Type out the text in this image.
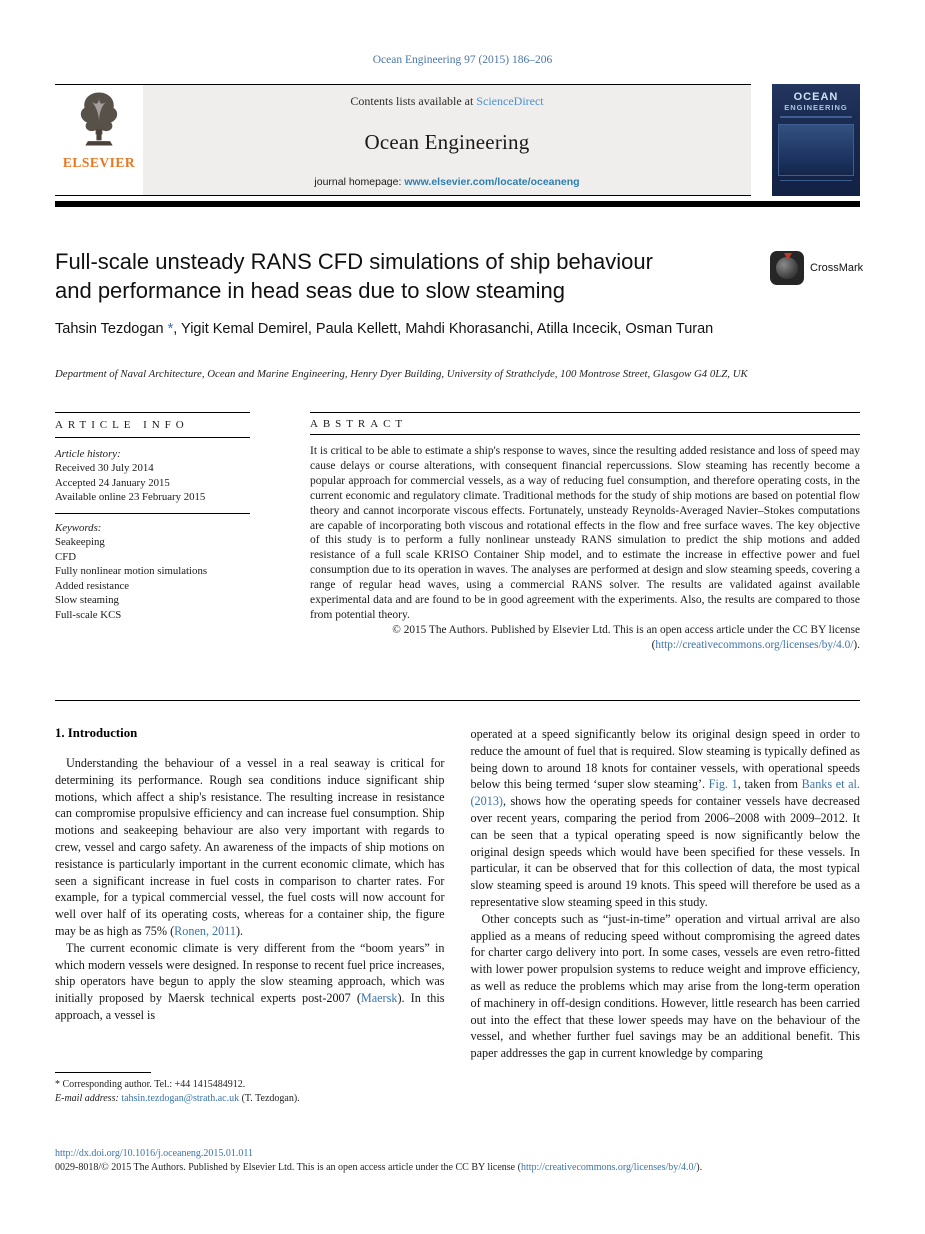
Ocean Engineering 97 (2015) 186–206
ELSEVIER
Contents lists available at ScienceDirect
Ocean Engineering
journal homepage: www.elsevier.com/locate/oceaneng
OCEAN
ENGINEERING
Full-scale unsteady RANS CFD simulations of ship behaviour and performance in head seas due to slow steaming
CrossMark
Tahsin Tezdogan *, Yigit Kemal Demirel, Paula Kellett, Mahdi Khorasanchi, Atilla Incecik, Osman Turan
Department of Naval Architecture, Ocean and Marine Engineering, Henry Dyer Building, University of Strathclyde, 100 Montrose Street, Glasgow G4 0LZ, UK
ARTICLE INFO
Article history:
Received 30 July 2014
Accepted 24 January 2015
Available online 23 February 2015
Keywords:
Seakeeping
CFD
Fully nonlinear motion simulations
Added resistance
Slow steaming
Full-scale KCS
ABSTRACT

It is critical to be able to estimate a ship's response to waves, since the resulting added resistance and loss of speed may cause delays or course alterations, with consequent financial repercussions. Slow steaming has recently become a popular approach for commercial vessels, as a way of reducing fuel consumption, and therefore operating costs, in the current economic and regulatory climate. Traditional methods for the study of ship motions are based on potential flow theory and cannot incorporate viscous effects. Fortunately, unsteady Reynolds-Averaged Navier–Stokes computations are capable of incorporating both viscous and rotational effects in the flow and free surface waves. The key objective of this study is to perform a fully nonlinear unsteady RANS simulation to predict the ship motions and added resistance of a full scale KRISO Container Ship model, and to estimate the increase in effective power and fuel consumption due to its operation in waves. The analyses are performed at design and slow steaming speeds, covering a range of regular head waves, using a commercial RANS solver. The results are validated against available experimental data and are found to be in good agreement with the experiments. Also, the results are compared to those from potential theory.

© 2015 The Authors. Published by Elsevier Ltd. This is an open access article under the CC BY license
(http://creativecommons.org/licenses/by/4.0/).
1. Introduction

Understanding the behaviour of a vessel in a real seaway is critical for determining its performance. Rough sea conditions induce significant ship motions, which affect a ship's resistance. The resulting increase in resistance can compromise propulsive efficiency and can increase fuel consumption. Ship motions and seakeeping behaviour are also very important with regards to crew, vessel and cargo safety. An awareness of the impacts of ship motions on resistance is particularly important in the current economic climate, which has seen a significant increase in fuel costs in comparison to charter rates. For example, for a typical commercial vessel, the fuel costs will now account for well over half of its operating costs, whereas for a container ship, the figure may be as high as 75% (Ronen, 2011).

The current economic climate is very different from the “boom years” in which modern vessels were designed. In response to recent fuel price increases, ship operators have begun to apply the slow steaming approach, which was initially proposed by Maersk technical experts post-2007 (Maersk). In this approach, a vessel is

operated at a speed significantly below its original design speed in order to reduce the amount of fuel that is required. Slow steaming is typically defined as being down to around 18 knots for container vessels, with operational speeds below this being termed ‘super slow steaming’. Fig. 1, taken from Banks et al. (2013), shows how the operating speeds for container vessels have decreased over recent years, comparing the period from 2006–2008 with 2009–2012. It can be seen that a typical operating speed is now significantly below the original design speeds which would have been specified for these vessels. In particular, it can be observed that for this collection of data, the most typical slow steaming speed is around 19 knots. This speed will therefore be used as a representative slow steaming speed in this study.

Other concepts such as “just-in-time” operation and virtual arrival are also applied as a means of reducing speed without compromising the agreed dates for charter cargo delivery into port. In some cases, vessels are even retro-fitted with lower power propulsion systems to reduce weight and improve efficiency, as well as reduce the problems which may arise from the long-term operation of machinery in off-design conditions. However, little research has been carried out into the effect that these lower speeds may have on the behaviour of the vessel, and whether further fuel savings may be an additional benefit. This paper addresses the gap in current knowledge by comparing

* Corresponding author. Tel.: +44 1415484912.
E-mail address: tahsin.tezdogan@strath.ac.uk (T. Tezdogan).
http://dx.doi.org/10.1016/j.oceaneng.2015.01.011
0029-8018/© 2015 The Authors. Published by Elsevier Ltd. This is an open access article under the CC BY license (http://creativecommons.org/licenses/by/4.0/).
